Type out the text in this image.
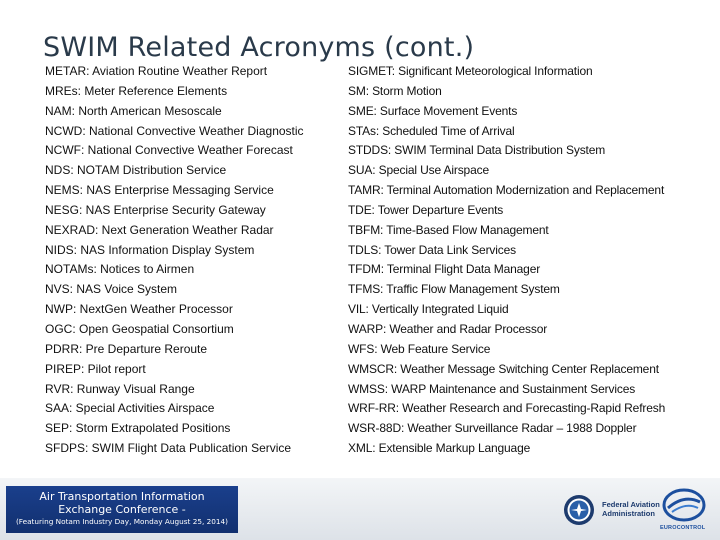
SWIM Related Acronyms (cont.)
METAR: Aviation Routine Weather Report
MREs: Meter Reference Elements
NAM: North American Mesoscale
NCWD: National Convective Weather Diagnostic
NCWF: National Convective Weather Forecast
NDS: NOTAM Distribution Service
NEMS: NAS Enterprise Messaging Service
NESG: NAS Enterprise Security Gateway
NEXRAD: Next Generation Weather Radar
NIDS: NAS Information Display System
NOTAMs: Notices to Airmen
NVS: NAS Voice System
NWP: NextGen Weather Processor
OGC: Open Geospatial Consortium
PDRR: Pre Departure Reroute
PIREP: Pilot report
RVR: Runway Visual Range
SAA: Special Activities Airspace
SEP: Storm Extrapolated Positions
SFDPS: SWIM Flight Data Publication Service
SIGMET: Significant Meteorological Information
SM: Storm Motion
SME: Surface Movement Events
STAs: Scheduled Time of Arrival
STDDS: SWIM Terminal Data Distribution System
SUA: Special Use Airspace
TAMR: Terminal Automation Modernization and Replacement
TDE: Tower Departure Events
TBFM: Time-Based Flow Management
TDLS: Tower Data Link Services
TFDM: Terminal Flight Data Manager
TFMS: Traffic Flow Management System
VIL: Vertically Integrated Liquid
WARP: Weather and Radar Processor
WFS: Web Feature Service
WMSCR: Weather Message Switching Center Replacement
WMSS: WARP Maintenance and Sustainment Services
WRF-RR: Weather Research and Forecasting-Rapid Refresh
WSR-88D: Weather Surveillance Radar – 1988 Doppler
XML: Extensible Markup Language
Air Transportation Information
Exchange Conference -
(Featuring Notam Industry Day, Monday August 25, 2014)
Federal Aviation
Administration
EUROCONTROL
